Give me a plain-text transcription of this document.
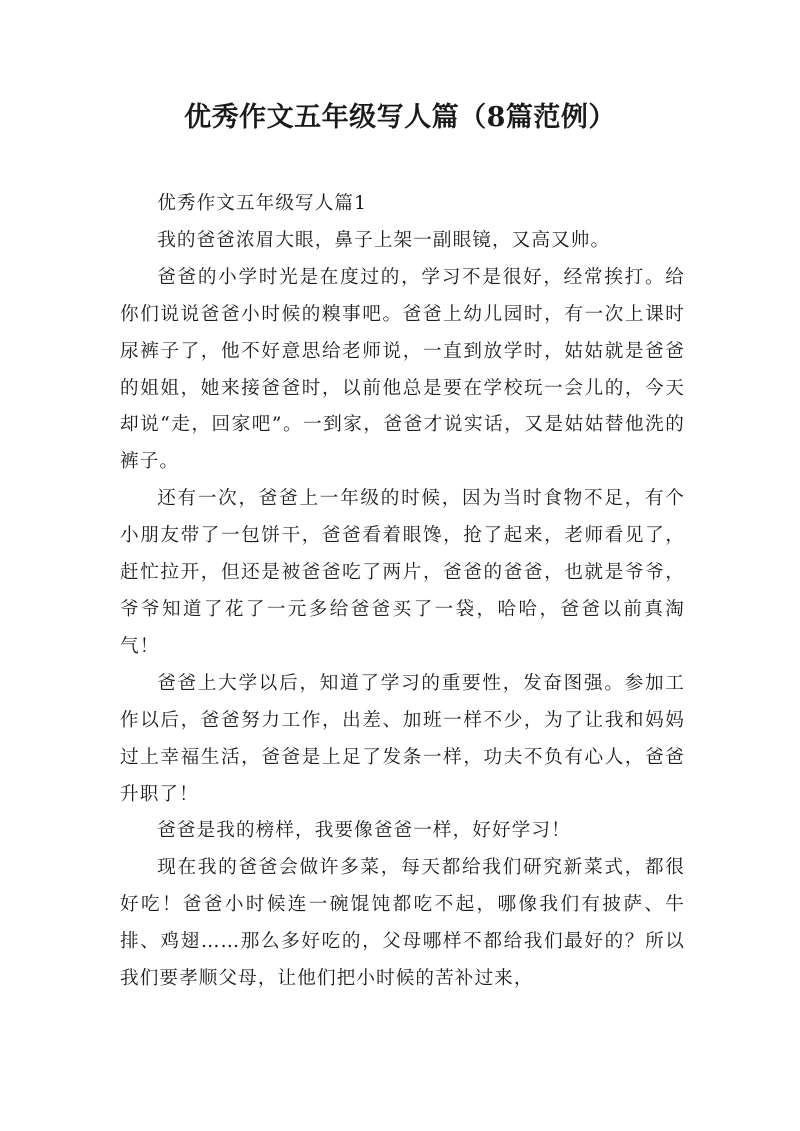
优秀作文五年级写人篇（8篇范例）

优秀作文五年级写人篇1

我的爸爸浓眉大眼，鼻子上架一副眼镜，又高又帅。

爸爸的小学时光是在度过的，学习不是很好，经常挨打。给你们说说爸爸小时候的糗事吧。爸爸上幼儿园时，有一次上课时尿裤子了，他不好意思给老师说，一直到放学时，姑姑就是爸爸的姐姐，她来接爸爸时，以前他总是要在学校玩一会儿的，今天却说“走，回家吧”。一到家，爸爸才说实话，又是姑姑替他洗的裤子。

还有一次，爸爸上一年级的时候，因为当时食物不足，有个小朋友带了一包饼干，爸爸看着眼馋，抢了起来，老师看见了，赶忙拉开，但还是被爸爸吃了两片，爸爸的爸爸，也就是爷爷，爷爷知道了花了一元多给爸爸买了一袋，哈哈，爸爸以前真淘气！

爸爸上大学以后，知道了学习的重要性，发奋图强。参加工作以后，爸爸努力工作，出差、加班一样不少，为了让我和妈妈过上幸福生活，爸爸是上足了发条一样，功夫不负有心人，爸爸升职了！

爸爸是我的榜样，我要像爸爸一样，好好学习！

现在我的爸爸会做许多菜，每天都给我们研究新菜式，都很好吃！爸爸小时候连一碗馄饨都吃不起，哪像我们有披萨、牛排、鸡翅……那么多好吃的，父母哪样不都给我们最好的？所以我们要孝顺父母，让他们把小时候的苦补过来，
